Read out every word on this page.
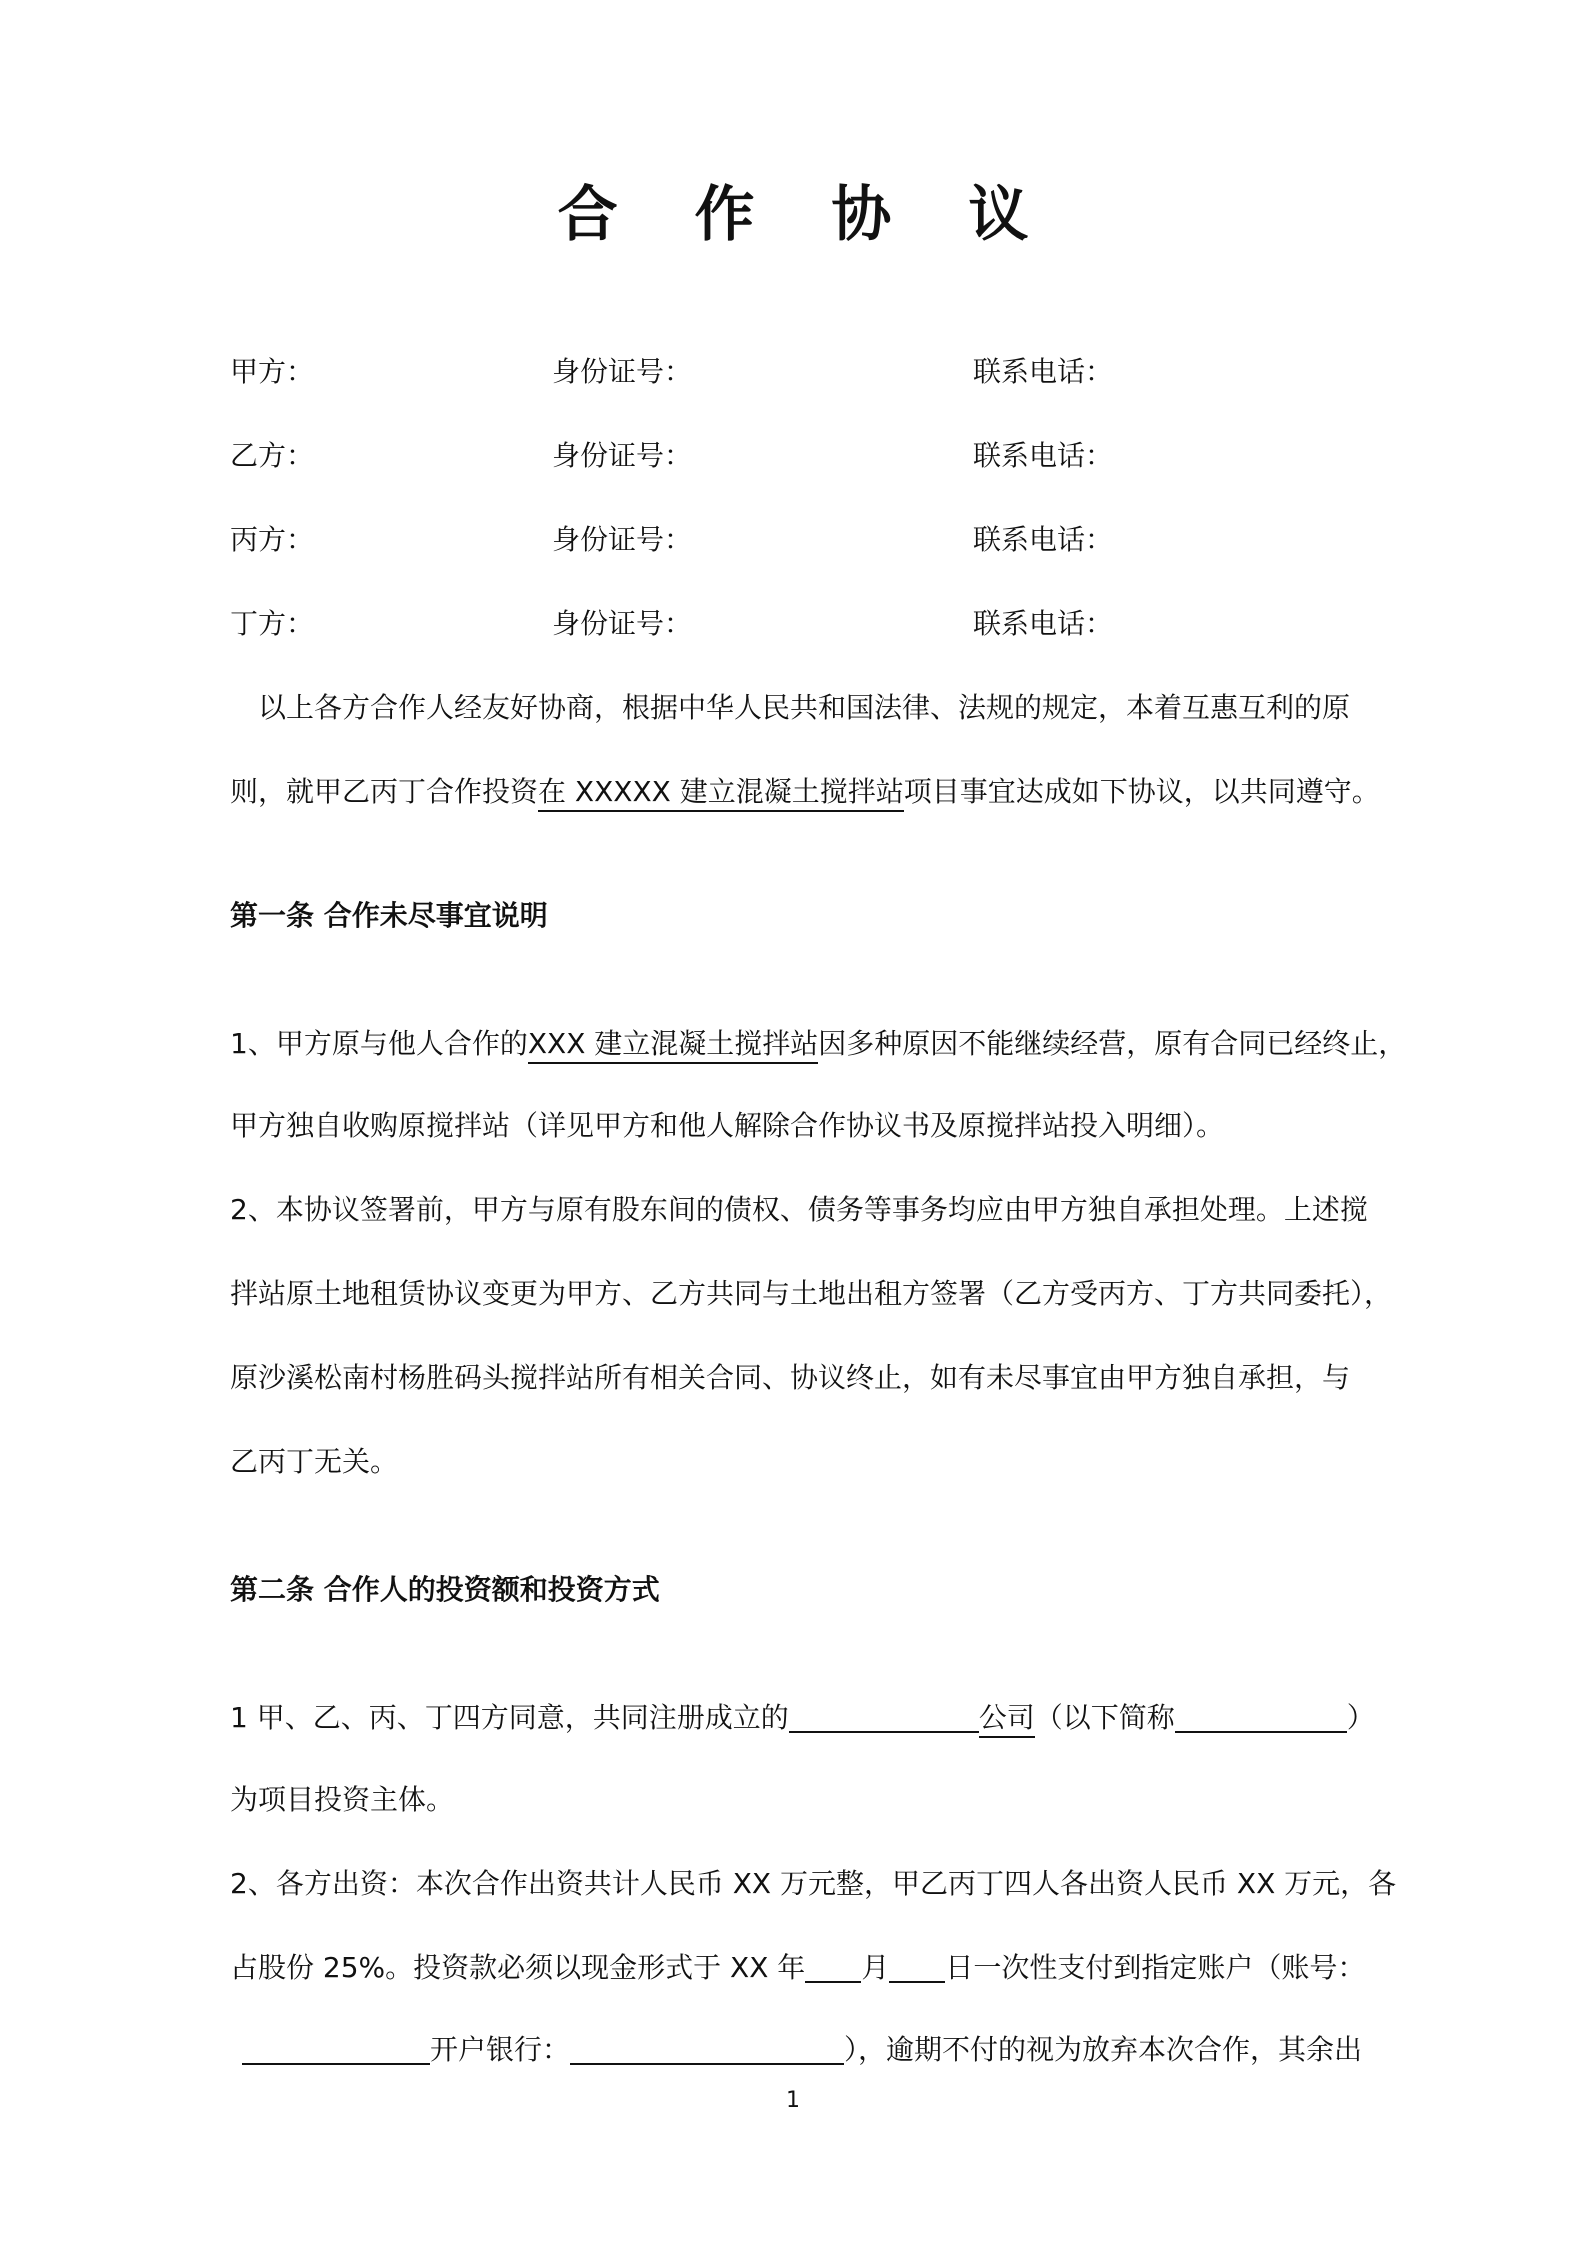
合 作 协 议
甲方：	身份证号：	联系电话：
乙方：	身份证号：	联系电话：
丙方：	身份证号：	联系电话：
丁方：	身份证号：	联系电话：
以上各方合作人经友好协商，根据中华人民共和国法律、法规的规定，本着互惠互利的原
则，就甲乙丙丁合作投资在 XXXXX 建立混凝土搅拌站项目事宜达成如下协议，以共同遵守。
第一条 合作未尽事宜说明
1、甲方原与他人合作的XXX 建立混凝土搅拌站因多种原因不能继续经营，原有合同已经终止，
甲方独自收购原搅拌站（详见甲方和他人解除合作协议书及原搅拌站投入明细）。
2、本协议签署前，甲方与原有股东间的债权、债务等事务均应由甲方独自承担处理。上述搅
拌站原土地租赁协议变更为甲方、乙方共同与土地出租方签署（乙方受丙方、丁方共同委托），
原沙溪松南村杨胜码头搅拌站所有相关合同、协议终止，如有未尽事宜由甲方独自承担，与
乙丙丁无关。
第二条 合作人的投资额和投资方式
1 甲、乙、丙、丁四方同意，共同注册成立的	公司（以下简称	）
为项目投资主体。
2、各方出资：本次合作出资共计人民币 XX 万元整，甲乙丙丁四人各出资人民币 XX 万元，各
占股份 25%。投资款必须以现金形式于 XX 年 月 日一次性支付到指定账户（账号：
开户银行：	），逾期不付的视为放弃本次合作，其余出
1
